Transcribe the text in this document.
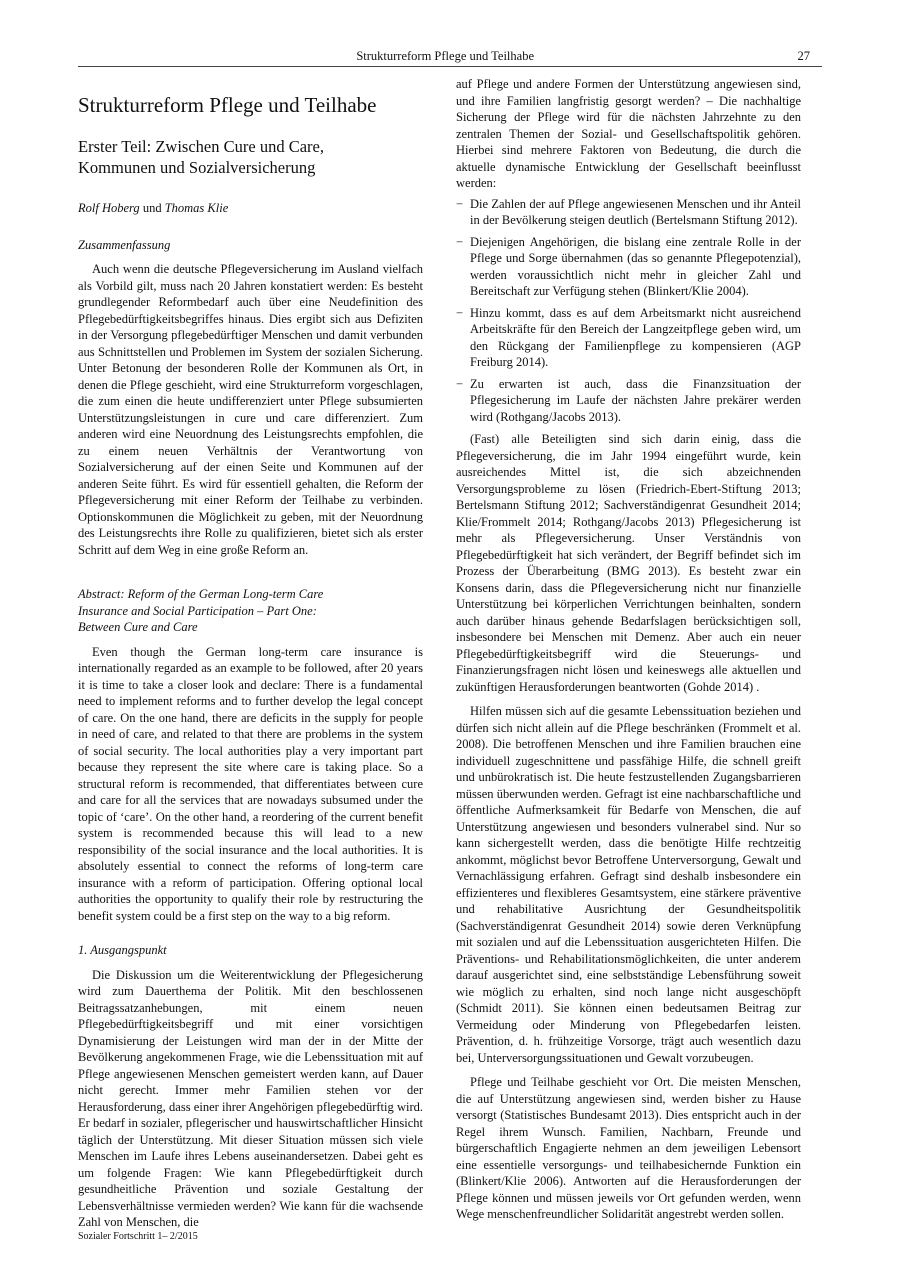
Strukturreform Pflege und Teilhabe	27
Strukturreform Pflege und Teilhabe
Erster Teil: Zwischen Cure und Care,
Kommunen und Sozialversicherung
Rolf Hoberg und Thomas Klie
Zusammenfassung

Auch wenn die deutsche Pflegeversicherung im Ausland vielfach als Vorbild gilt, muss nach 20 Jahren konstatiert werden: Es besteht grundlegender Reformbedarf auch über eine Neudefinition des Pflegebedürftigkeitsbegriffes hinaus. Dies ergibt sich aus Defiziten in der Versorgung pflegebedürftiger Menschen und damit verbunden aus Schnittstellen und Problemen im System der sozialen Sicherung. Unter Betonung der besonderen Rolle der Kommunen als Ort, in denen die Pflege geschieht, wird eine Strukturreform vorgeschlagen, die zum einen die heute undifferenziert unter Pflege subsumierten Unterstützungsleistungen in cure und care differenziert. Zum anderen wird eine Neuordnung des Leistungsrechts empfohlen, die zu einem neuen Verhältnis der Verantwortung von Sozialversicherung auf der einen Seite und Kommunen auf der anderen Seite führt. Es wird für essentiell gehalten, die Reform der Pflegeversicherung mit einer Reform der Teilhabe zu verbinden. Optionskommunen die Möglichkeit zu geben, mit der Neuordnung des Leistungsrechts ihre Rolle zu qualifizieren, bietet sich als erster Schritt auf dem Weg in eine große Reform an.

Abstract: Reform of the German Long-term Care
Insurance and Social Participation – Part One:
Between Cure and Care

Even though the German long-term care insurance is internationally regarded as an example to be followed, after 20 years it is time to take a closer look and declare: There is a fundamental need to implement reforms and to further develop the legal concept of care. On the one hand, there are deficits in the supply for people in need of care, and related to that there are problems in the system of social security. The local authorities play a very important part because they represent the site where care is taking place. So a structural reform is recommended, that differentiates between cure and care for all the services that are nowadays subsumed under the topic of ‘care’. On the other hand, a reordering of the current benefit system is recommended because this will lead to a new responsibility of the social insurance and the local authorities. It is absolutely essential to connect the reforms of long-term care insurance with a reform of participation. Offering optional local authorities the opportunity to qualify their role by restructuring the benefit system could be a first step on the way to a big reform.

1. Ausgangspunkt

Die Diskussion um die Weiterentwicklung der Pflegesicherung wird zum Dauerthema der Politik. Mit den beschlossenen Beitragssatzanhebungen, mit einem neuen Pflegebedürftigkeitsbegriff und mit einer vorsichtigen Dynamisierung der Leistungen wird man der in der Mitte der Bevölkerung angekommenen Frage, wie die Lebenssituation mit auf Pflege angewiesenen Menschen gemeistert werden kann, auf Dauer nicht gerecht. Immer mehr Familien stehen vor der Herausforderung, dass einer ihrer Angehörigen pflegebedürftig wird. Er bedarf in sozialer, pflegerischer und hauswirtschaftlicher Hinsicht täglich der Unterstützung. Mit dieser Situation müssen sich viele Menschen im Laufe ihres Lebens auseinandersetzen. Dabei geht es um folgende Fragen: Wie kann Pflegebedürftigkeit durch gesundheitliche Prävention und soziale Gestaltung der Lebensverhältnisse vermieden werden? Wie kann für die wachsende Zahl von Menschen, die

auf Pflege und andere Formen der Unterstützung angewiesen sind, und ihre Familien langfristig gesorgt werden? – Die nachhaltige Sicherung der Pflege wird für die nächsten Jahrzehnte zu den zentralen Themen der Sozial- und Gesellschaftspolitik gehören. Hierbei sind mehrere Faktoren von Bedeutung, die durch die aktuelle dynamische Entwicklung der Gesellschaft beeinflusst werden:

− Die Zahlen der auf Pflege angewiesenen Menschen und ihr Anteil in der Bevölkerung steigen deutlich (Bertelsmann Stiftung 2012).
− Diejenigen Angehörigen, die bislang eine zentrale Rolle in der Pflege und Sorge übernahmen (das so genannte Pflegepotenzial), werden voraussichtlich nicht mehr in gleicher Zahl und Bereitschaft zur Verfügung stehen (Blinkert/Klie 2004).
− Hinzu kommt, dass es auf dem Arbeitsmarkt nicht ausreichend Arbeitskräfte für den Bereich der Langzeitpflege geben wird, um den Rückgang der Familienpflege zu kompensieren (AGP Freiburg 2014).
− Zu erwarten ist auch, dass die Finanzsituation der Pflegesicherung im Laufe der nächsten Jahre prekärer werden wird (Rothgang/Jacobs 2013).

(Fast) alle Beteiligten sind sich darin einig, dass die Pflegeversicherung, die im Jahr 1994 eingeführt wurde, kein ausreichendes Mittel ist, die sich abzeichnenden Versorgungsprobleme zu lösen (Friedrich-Ebert-Stiftung 2013; Bertelsmann Stiftung 2012; Sachverständigenrat Gesundheit 2014; Klie/Frommelt 2014; Rothgang/Jacobs 2013) Pflegesicherung ist mehr als Pflegeversicherung. Unser Verständnis von Pflegebedürftigkeit hat sich verändert, der Begriff befindet sich im Prozess der Überarbeitung (BMG 2013). Es besteht zwar ein Konsens darin, dass die Pflegeversicherung nicht nur finanzielle Unterstützung bei körperlichen Verrichtungen beinhalten, sondern auch darüber hinaus gehende Bedarfslagen berücksichtigen soll, insbesondere bei Menschen mit Demenz. Aber auch ein neuer Pflegebedürftigkeitsbegriff wird die Steuerungs- und Finanzierungsfragen nicht lösen und keineswegs alle aktuellen und zukünftigen Herausforderungen beantworten (Gohde 2014) .

Hilfen müssen sich auf die gesamte Lebenssituation beziehen und dürfen sich nicht allein auf die Pflege beschränken (Frommelt et al. 2008). Die betroffenen Menschen und ihre Familien brauchen eine individuell zugeschnittene und passfähige Hilfe, die schnell greift und unbürokratisch ist. Die heute festzustellenden Zugangsbarrieren müssen überwunden werden. Gefragt ist eine nachbarschaftliche und öffentliche Aufmerksamkeit für Bedarfe von Menschen, die auf Unterstützung angewiesen und besonders vulnerabel sind. Nur so kann sichergestellt werden, dass die benötigte Hilfe rechtzeitig ankommt, möglichst bevor Betroffene Unterversorgung, Gewalt und Vernachlässigung erfahren. Gefragt sind deshalb insbesondere ein effizienteres und flexibleres Gesamtsystem, eine stärkere präventive und rehabilitative Ausrichtung der Gesundheitspolitik (Sachverständigenrat Gesundheit 2014) sowie deren Verknüpfung mit sozialen und auf die Lebenssituation ausgerichteten Hilfen. Die Präventions- und Rehabilitationsmöglichkeiten, die unter anderem darauf ausgerichtet sind, eine selbstständige Lebensführung soweit wie möglich zu erhalten, sind noch lange nicht ausgeschöpft (Schmidt 2011). Sie können einen bedeutsamen Beitrag zur Vermeidung oder Minderung von Pflegebedarfen leisten. Prävention, d. h. frühzeitige Vorsorge, trägt auch wesentlich dazu bei, Unterversorgungssituationen und Gewalt vorzubeugen.

Pflege und Teilhabe geschieht vor Ort. Die meisten Menschen, die auf Unterstützung angewiesen sind, werden bisher zu Hause versorgt (Statistisches Bundesamt 2013). Dies entspricht auch in der Regel ihrem Wunsch. Familien, Nachbarn, Freunde und bürgerschaftlich Engagierte nehmen an dem jeweiligen Lebensort eine essentielle versorgungs- und teilhabesichernde Funktion ein (Blinkert/Klie 2006). Antworten auf die Herausforderungen der Pflege können und müssen jeweils vor Ort gefunden werden, wenn Wege menschenfreundlicher Solidarität angestrebt werden sollen.

Sozialer Fortschritt 1– 2/2015
